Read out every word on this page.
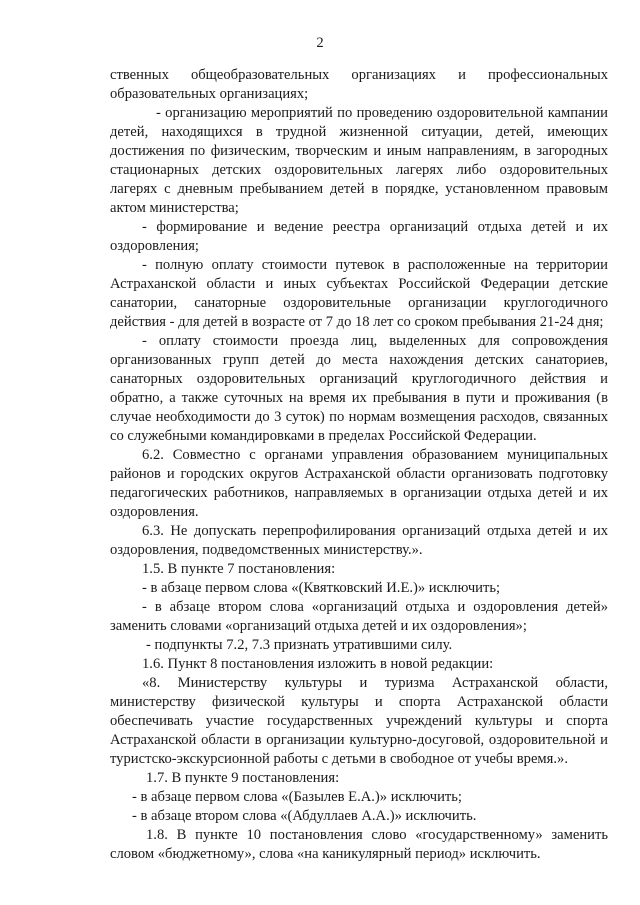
2

ственных общеобразовательных организациях и профессиональных образовательных организациях;

- организацию мероприятий по проведению оздоровительной кампании детей, находящихся в трудной жизненной ситуации, детей, имеющих достижения по физическим, творческим и иным направлениям, в загородных стационарных детских оздоровительных лагерях либо оздоровительных лагерях с дневным пребыванием детей в порядке, установленном правовым актом министерства;

- формирование и ведение реестра организаций отдыха детей и их оздоровления;

- полную оплату стоимости путевок в расположенные на территории Астраханской области и иных субъектах Российской Федерации детские санатории, санаторные оздоровительные организации круглогодичного действия - для детей в возрасте от 7 до 18 лет со сроком пребывания 21-24 дня;

- оплату стоимости проезда лиц, выделенных для сопровождения организованных групп детей до места нахождения детских санаториев, санаторных оздоровительных организаций круглогодичного действия и обратно, а также суточных на время их пребывания в пути и проживания (в случае необходимости до 3 суток) по нормам возмещения расходов, связанных со служебными командировками в пределах Российской Федерации.

6.2. Совместно с органами управления образованием муниципальных районов и городских округов Астраханской области организовать подготовку педагогических работников, направляемых в организации отдыха детей и их оздоровления.

6.3. Не допускать перепрофилирования организаций отдыха детей и их оздоровления, подведомственных министерству.».

1.5. В пункте 7 постановления:

- в абзаце первом слова «(Квятковский И.Е.)» исключить;

- в абзаце втором слова «организаций отдыха и оздоровления детей» заменить словами «организаций отдыха детей и их оздоровления»;

- подпункты 7.2, 7.3 признать утратившими силу.

1.6. Пункт 8 постановления изложить в новой редакции:

«8. Министерству культуры и туризма Астраханской области, министерству физической культуры и спорта Астраханской области обеспечивать участие государственных учреждений культуры и спорта Астраханской области в организации культурно-досуговой, оздоровительной и туристско-экскурсионной работы с детьми в свободное от учебы время.».

1.7. В пункте 9 постановления:

- в абзаце первом слова «(Базылев Е.А.)» исключить;

- в абзаце втором слова «(Абдуллаев А.А.)» исключить.

1.8. В пункте 10 постановления слово «государственному» заменить словом «бюджетному», слова «на каникулярный период» исключить.
